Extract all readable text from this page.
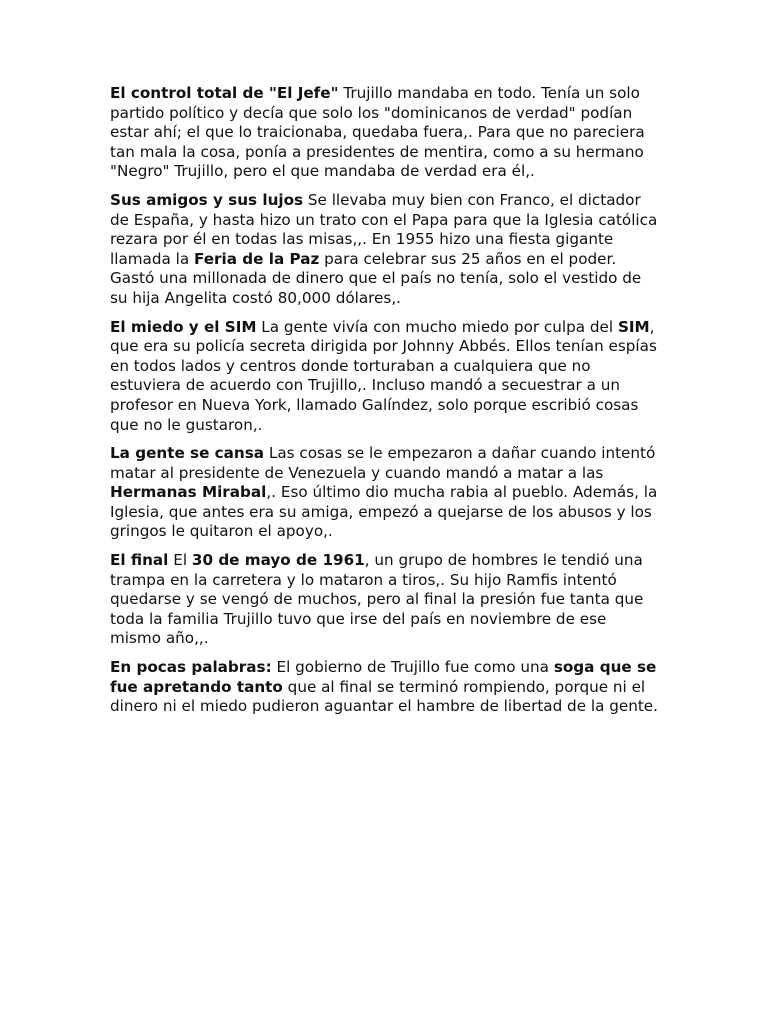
El control total de "El Jefe" Trujillo mandaba en todo. Tenía un solo partido político y decía que solo los "dominicanos de verdad" podían estar ahí; el que lo traicionaba, quedaba fuera,. Para que no pareciera tan mala la cosa, ponía a presidentes de mentira, como a su hermano "Negro" Trujillo, pero el que mandaba de verdad era él,.

Sus amigos y sus lujos Se llevaba muy bien con Franco, el dictador de España, y hasta hizo un trato con el Papa para que la Iglesia católica rezara por él en todas las misas,,. En 1955 hizo una fiesta gigante llamada la Feria de la Paz para celebrar sus 25 años en el poder. Gastó una millonada de dinero que el país no tenía, solo el vestido de su hija Angelita costó 80,000 dólares,.

El miedo y el SIM La gente vivía con mucho miedo por culpa del SIM, que era su policía secreta dirigida por Johnny Abbés. Ellos tenían espías en todos lados y centros donde torturaban a cualquiera que no estuviera de acuerdo con Trujillo,. Incluso mandó a secuestrar a un profesor en Nueva York, llamado Galíndez, solo porque escribió cosas que no le gustaron,.

La gente se cansa Las cosas se le empezaron a dañar cuando intentó matar al presidente de Venezuela y cuando mandó a matar a las Hermanas Mirabal,. Eso último dio mucha rabia al pueblo. Además, la Iglesia, que antes era su amiga, empezó a quejarse de los abusos y los gringos le quitaron el apoyo,.

El final El 30 de mayo de 1961, un grupo de hombres le tendió una trampa en la carretera y lo mataron a tiros,. Su hijo Ramfis intentó quedarse y se vengó de muchos, pero al final la presión fue tanta que toda la familia Trujillo tuvo que irse del país en noviembre de ese mismo año,,.

En pocas palabras: El gobierno de Trujillo fue como una soga que se fue apretando tanto que al final se terminó rompiendo, porque ni el dinero ni el miedo pudieron aguantar el hambre de libertad de la gente.
